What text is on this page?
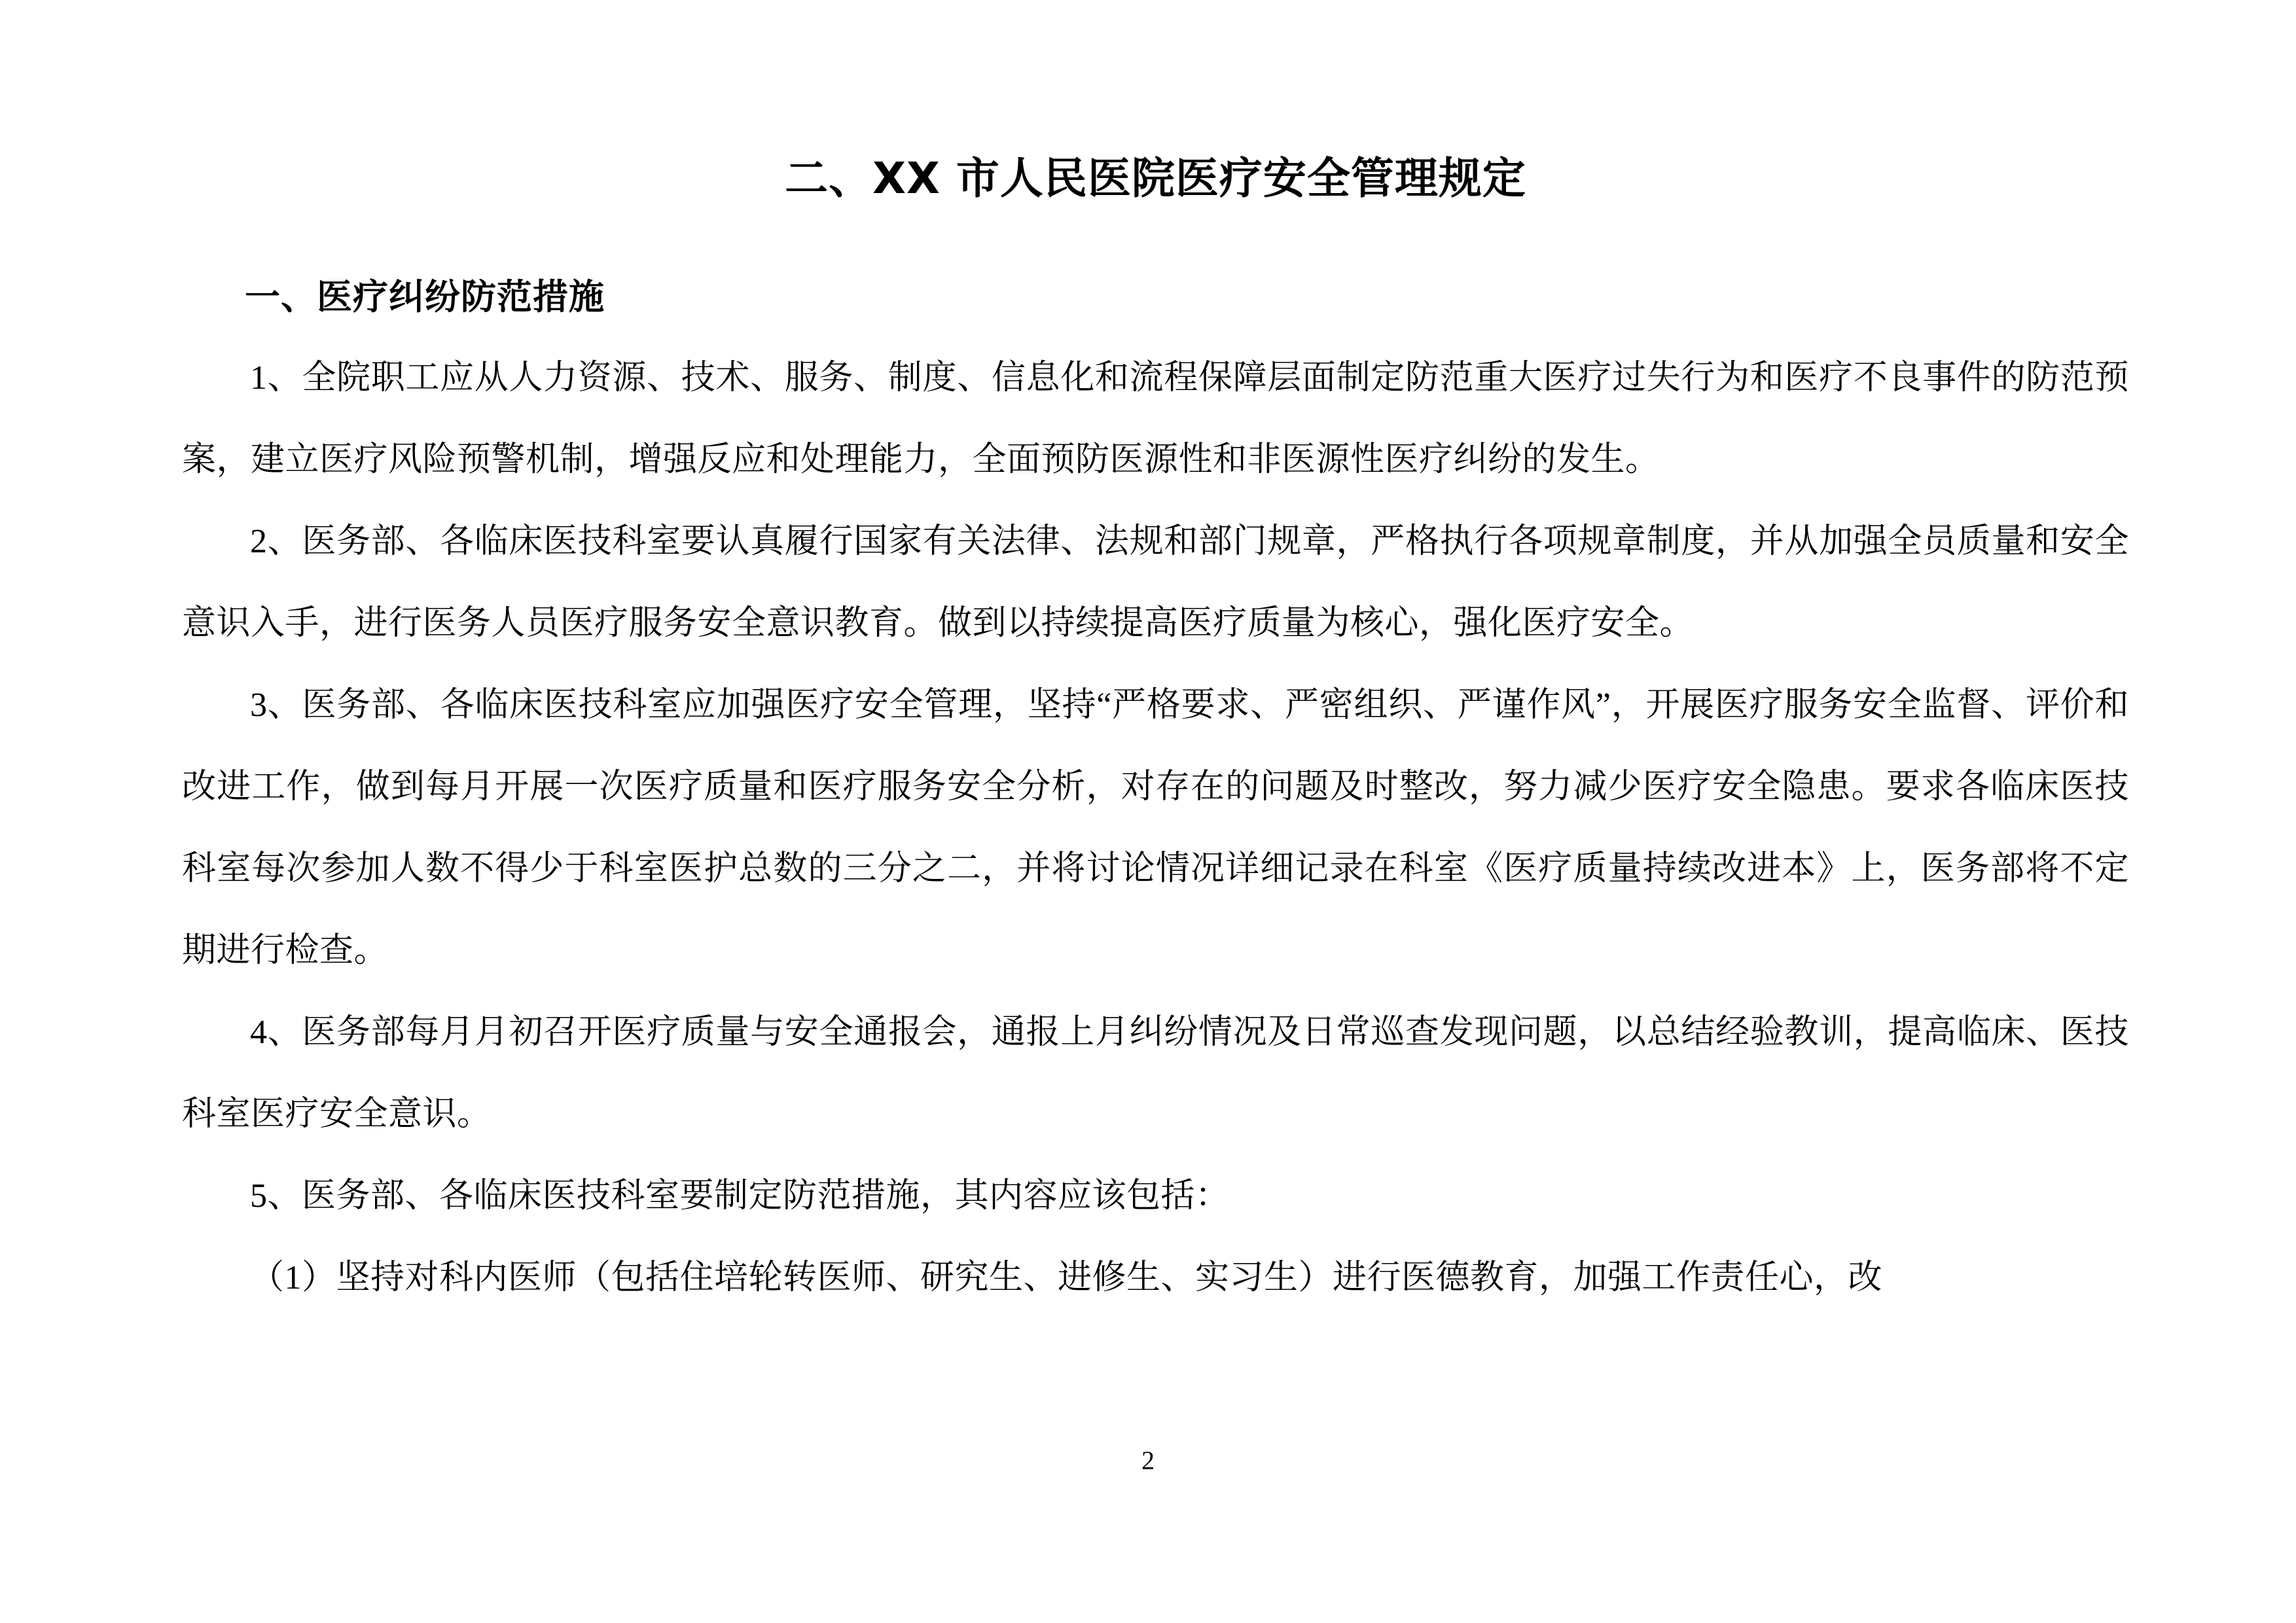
二、XX 市人民医院医疗安全管理规定
一、医疗纠纷防范措施

1、全院职工应从人力资源、技术、服务、制度、信息化和流程保障层面制定防范重大医疗过失行为和医疗不良事件的防范预案，建立医疗风险预警机制，增强反应和处理能力，全面预防医源性和非医源性医疗纠纷的发生。

2、医务部、各临床医技科室要认真履行国家有关法律、法规和部门规章，严格执行各项规章制度，并从加强全员质量和安全意识入手，进行医务人员医疗服务安全意识教育。做到以持续提高医疗质量为核心，强化医疗安全。

3、医务部、各临床医技科室应加强医疗安全管理，坚持“严格要求、严密组织、严谨作风”，开展医疗服务安全监督、评价和改进工作，做到每月开展一次医疗质量和医疗服务安全分析，对存在的问题及时整改，努力减少医疗安全隐患。要求各临床医技科室每次参加人数不得少于科室医护总数的三分之二，并将讨论情况详细记录在科室《医疗质量持续改进本》上，医务部将不定期进行检查。

4、医务部每月月初召开医疗质量与安全通报会，通报上月纠纷情况及日常巡查发现问题，以总结经验教训，提高临床、医技科室医疗安全意识。

5、医务部、各临床医技科室要制定防范措施，其内容应该包括：

（1）坚持对科内医师（包括住培轮转医师、研究生、进修生、实习生）进行医德教育，加强工作责任心，改

2
